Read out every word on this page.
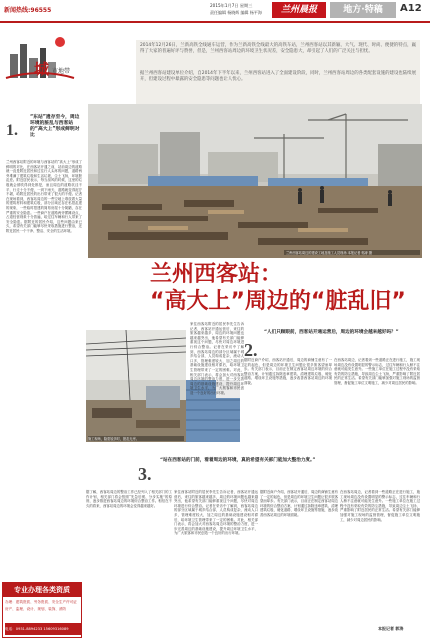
新闻热线:96555
2015年1月7日 星期三
责任编辑 杨晓辉 编辑 杨平海	兰州晨报	地方·特稿	A12
城 市地带
1.
“东站”遗存至今，周边环境的脏乱与西客站的“高大上”形成鲜明对比
兰州西客站附近的环境与西客站的“高大上”形成了鲜明的对比，在西客站开通之前，站前周边的道路就一直是附近居民和过往行人头疼的问题，道路两旁堆满了建筑垃圾和生活垃圾，尘土飞扬，环境脏乱差。附近居民表示，每当刮风的时候，这里的垃圾就会被吹得到处都是，而且周边的道路坑洼不平，行走十分不便，一到下雨天，道路就变得泥泞不堪，给附近居民的出行带来了很大的不便。记者在现场看到，西客站周边的一些空地上堆放着大量的建筑材料和建筑垃圾，部分区域还存在私搭乱建的现象，一些临时搭建的简易房屋十分简陋，存在严重的安全隐患。一些商户在道路两旁摆摊设点，占道经营现象十分普遍，给过往车辆和行人带来了安全隐患。据附近的居民介绍，这些问题由来已久，希望有关部门能够尽快采取措施进行整治，还附近居民一个干净、整洁、安全的生活环境。
2014年12月26日，兰新高铁全线通车运营，作为兰新高铁全线最大的高铁车站，兰州西客站以其新颖、大气、现代、时尚、便捷的特点，赢得了大家的普遍好评与赞誉，但是，兰州西客站周边的环境卫生状况差，安全隐患大，却引起了人们的广泛关注与担忧。
据兰州西客站建设单位介绍，自2014年下半年以来，兰州西客站进入了全面建设阶段，同时，兰州西客站周边的各类配套设施的建设也陆续展开，但建设过程中暴露的安全隐患等问题也让人忧心。
兰州西客站周边的建设工地及施工人员现场 本报记者 郭涛 摄
兰州西客站：
“高大上”周边的“脏乱旧”
2.
“人们只顾眼前，西客站开通运营后，周边的环境会越来越好吗？”
施工现场，隐患较多时，脏乱无序。
家住西客站附近的居民李先生告诉记者，西客站开通运营后，来往的旅客越来越多，周边的环境问题也越来越突出，他希望有关部门能够重视这个问题，尽快对周边环境进行综合整治。记者在采访中了解到，西客站周边的部分区域属于城乡结合部，人员构成复杂，流动人口多，管理难度较大，加之周边的基础设施建设相对滞后，给环境卫生管理带来了一定的困难。对此，相关部门表示，将会加大对西客站周边环境的整治力度，进一步完善周边的基础设施建设，提升周边环境卫生水平，为广大旅客和市民创造一个良好的出行环境。
据附近商户介绍，西客站开通后，周边的商铺生意有了一定的起色，但是周边的环境卫生问题让很多旅客望而却步。有关部门表示，目前正在制定西客站周边环境的综合整治方案，计划通过拆除违章建筑、清理建筑垃圾、硬化道路、增设环卫设施等措施，逐步改善西客站周边的环境面貌。
在西客站周边，记者看到一些道路正在进行施工，施工现场周边没有设置明显的警示标志，过往车辆和行人稍不注意就可能发生意外。一些施工单位在施工过程中没有采取有效的防尘措施，导致周边尘土飞扬，严重影响了附近居民的正常生活。希望有关部门能够加强对施工现场的监督管理，督促施工单位文明施工，减少对周边居民的影响。
3.
“站在西客站的门前，看着周边的环境，真的希望有关部门能加大整治力度。”
据了解，西客站周边的整治工作已经列入了相关部门的工作计划，相关部门将会按照“先急后缓、分步实施”的原则，逐步推进西客站周边的环境综合整治工作。相信在不久的将来，西客站周边的环境会变得越来越好。
家住西客站附近的居民李先生告诉记者，西客站开通运营后，来往的旅客越来越多，周边的环境问题也越来越突出，他希望有关部门能够重视这个问题，尽快对周边环境进行综合整治。记者在采访中了解到，西客站周边的部分区域属于城乡结合部，人员构成复杂，流动人口多，管理难度较大，加之周边的基础设施建设相对滞后，给环境卫生管理带来了一定的困难。对此，相关部门表示，将会加大对西客站周边环境的整治力度，进一步完善周边的基础设施建设，提升周边环境卫生水平，为广大旅客和市民创造一个良好的出行环境。
据附近商户介绍，西客站开通后，周边的商铺生意有了一定的起色，但是周边的环境卫生问题让很多旅客望而却步。有关部门表示，目前正在制定西客站周边环境的综合整治方案，计划通过拆除违章建筑、清理建筑垃圾、硬化道路、增设环卫设施等措施，逐步改善西客站周边的环境面貌。
在西客站周边，记者看到一些道路正在进行施工，施工现场周边没有设置明显的警示标志，过往车辆和行人稍不注意就可能发生意外。一些施工单位在施工过程中没有采取有效的防尘措施，导致周边尘土飞扬，严重影响了附近居民的正常生活。希望有关部门能够加强对施工现场的监督管理，督促施工单位文明施工，减少对周边居民的影响。
本报记者 郭涛
专业办理各类资质
办理：建筑资质、劳务资质、安全生产许可证
房产、监理、设计、规划、装饰、消防
电话：0931-8894233 15609316089
